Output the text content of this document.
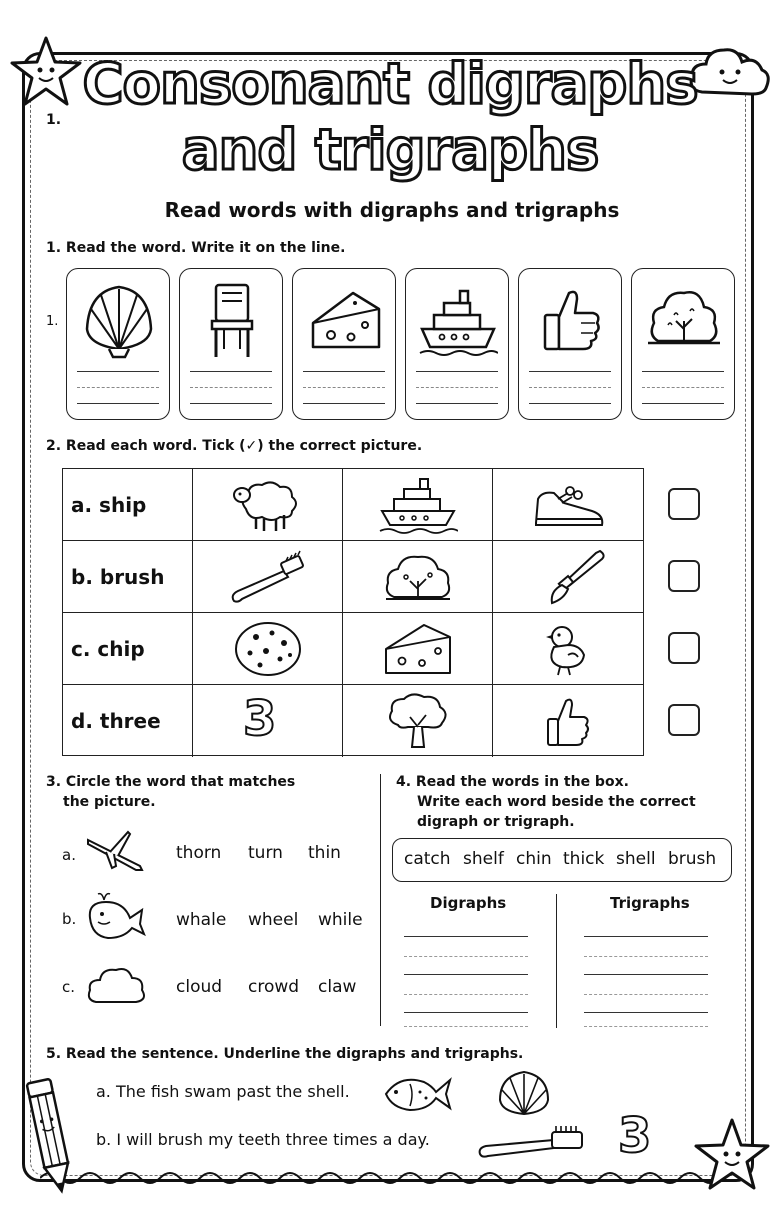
3
1.
Consonant digraphs
and trigraphs
Read words with digraphs and trigraphs
1. Read the word. Write it on the line.
1.
2. Read each word. Tick (✓) the correct picture.
a. ship
b. brush
c. chip
d. three	3
3. Circle the word that matches
the picture.
a.	thorn turn thin
b.	whale wheel while
c.	cloud crowd claw
4. Read the words in the box.
Write each word beside the correct
digraph or trigraph.
catch shelf chin thick shell brush
Digraphs	Trigraphs
5. Read the sentence. Underline the digraphs and trigraphs.
a. The fish swam past the shell.
b. I will brush my teeth three times a day.
